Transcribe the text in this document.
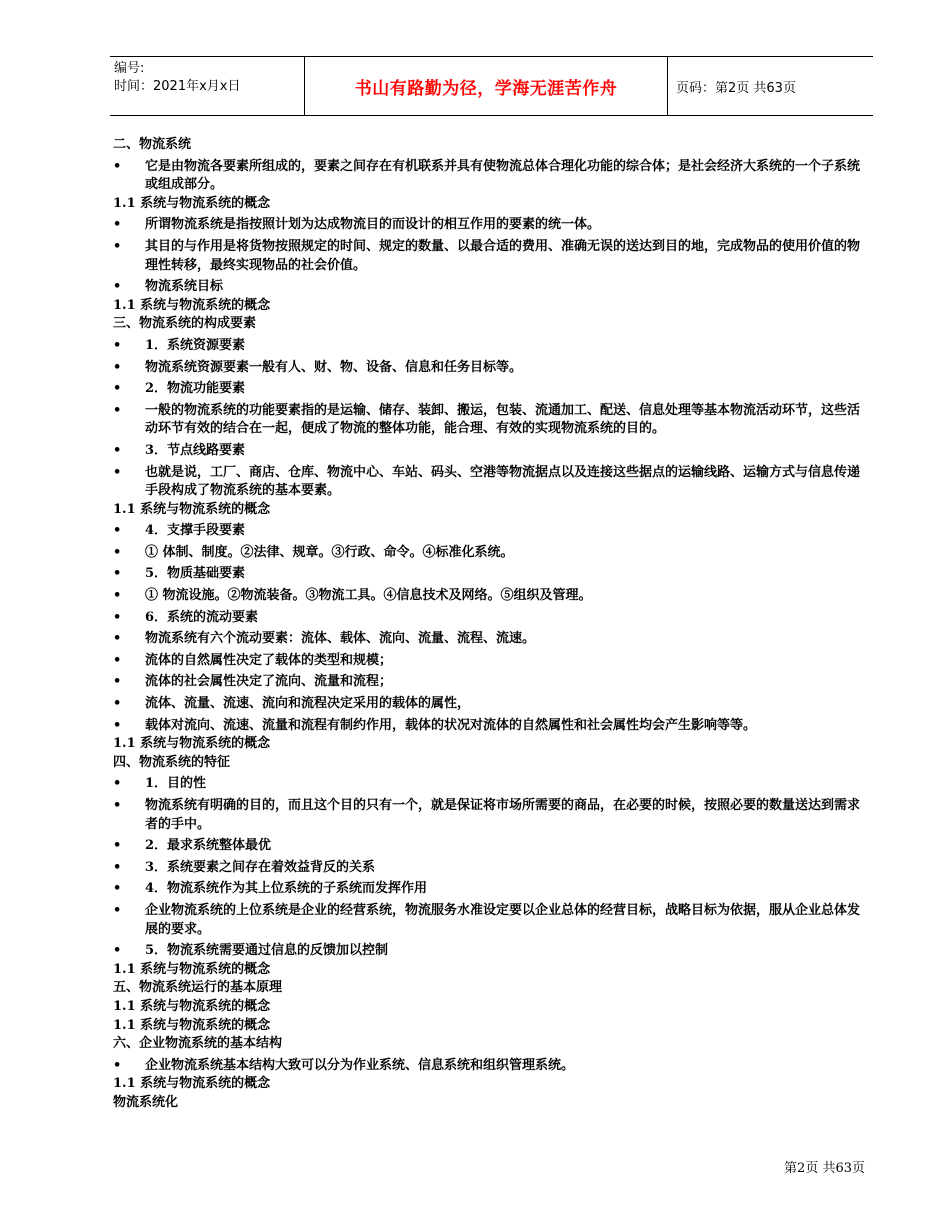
编号:
时间：2021年x月x日	书山有路勤为径，学海无涯苦作舟	页码：第2页 共63页
二、物流系统
• 它是由物流各要素所组成的，要素之间存在有机联系并具有使物流总体合理化功能的综合体；是社会经济大系统的一个子系统或组成部分。
1.1 系统与物流系统的概念
• 所谓物流系统是指按照计划为达成物流目的而设计的相互作用的要素的统一体。
• 其目的与作用是将货物按照规定的时间、规定的数量、以最合适的费用、准确无误的送达到目的地，完成物品的使用价值的物理性转移，最终实现物品的社会价值。
• 物流系统目标
1.1 系统与物流系统的概念
三、物流系统的构成要素
• 1．系统资源要素
• 物流系统资源要素一般有人、财、物、设备、信息和任务目标等。
• 2．物流功能要素
• 一般的物流系统的功能要素指的是运输、储存、装卸、搬运，包装、流通加工、配送、信息处理等基本物流活动环节，这些活动环节有效的结合在一起，便成了物流的整体功能，能合理、有效的实现物流系统的目的。
• 3．节点线路要素
• 也就是说，工厂、商店、仓库、物流中心、车站、码头、空港等物流据点以及连接这些据点的运输线路、运输方式与信息传递手段构成了物流系统的基本要素。
1.1 系统与物流系统的概念
• 4．支撑手段要素
• ① 体制、制度。②法律、规章。③行政、命令。④标准化系统。
• 5．物质基础要素
• ① 物流设施。②物流装备。③物流工具。④信息技术及网络。⑤组织及管理。
• 6．系统的流动要素
• 物流系统有六个流动要素：流体、载体、流向、流量、流程、流速。
• 流体的自然属性决定了载体的类型和规模；
• 流体的社会属性决定了流向、流量和流程；
• 流体、流量、流速、流向和流程决定采用的载体的属性，
• 载体对流向、流速、流量和流程有制约作用，载体的状况对流体的自然属性和社会属性均会产生影响等等。
1.1 系统与物流系统的概念
四、物流系统的特征
• 1．目的性
• 物流系统有明确的目的，而且这个目的只有一个，就是保证将市场所需要的商品，在必要的时候，按照必要的数量送达到需求者的手中。
• 2．最求系统整体最优
• 3．系统要素之间存在着效益背反的关系
• 4．物流系统作为其上位系统的子系统而发挥作用
• 企业物流系统的上位系统是企业的经营系统，物流服务水准设定要以企业总体的经营目标，战略目标为依据，服从企业总体发展的要求。
• 5．物流系统需要通过信息的反馈加以控制
1.1 系统与物流系统的概念
五、物流系统运行的基本原理
1.1 系统与物流系统的概念
1.1 系统与物流系统的概念
六、企业物流系统的基本结构
• 企业物流系统基本结构大致可以分为作业系统、信息系统和组织管理系统。
1.1 系统与物流系统的概念
物流系统化
第2页 共63页
